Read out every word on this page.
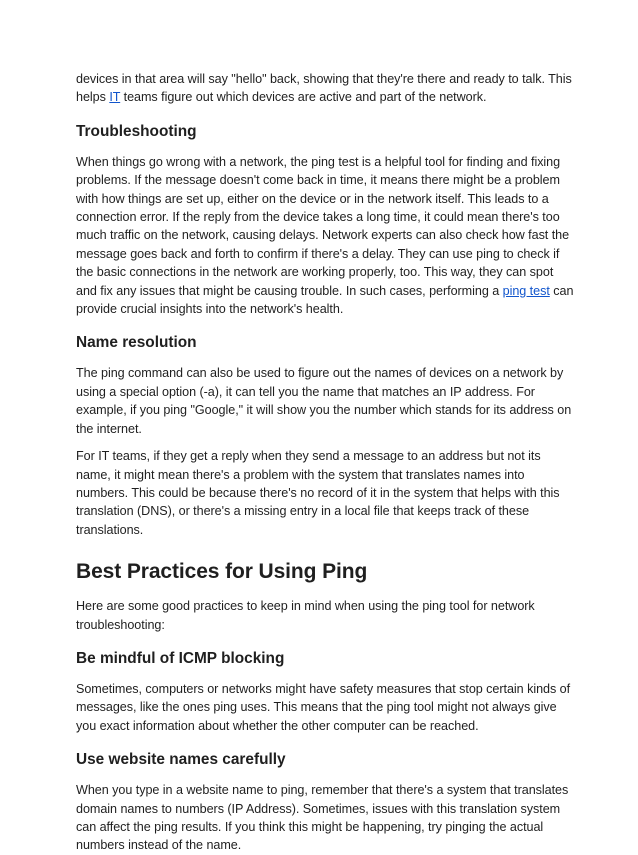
devices in that area will say "hello" back, showing that they're there and ready to talk. This helps IT teams figure out which devices are active and part of the network.

Troubleshooting

When things go wrong with a network, the ping test is a helpful tool for finding and fixing problems. If the message doesn't come back in time, it means there might be a problem with how things are set up, either on the device or in the network itself. This leads to a connection error. If the reply from the device takes a long time, it could mean there's too much traffic on the network, causing delays. Network experts can also check how fast the message goes back and forth to confirm if there's a delay. They can use ping to check if the basic connections in the network are working properly, too. This way, they can spot and fix any issues that might be causing trouble. In such cases, performing a ping test can provide crucial insights into the network's health.

Name resolution

The ping command can also be used to figure out the names of devices on a network by using a special option (-a), it can tell you the name that matches an IP address. For example, if you ping "Google," it will show you the number which stands for its address on the internet.

For IT teams, if they get a reply when they send a message to an address but not its name, it might mean there's a problem with the system that translates names into numbers. This could be because there's no record of it in the system that helps with this translation (DNS), or there's a missing entry in a local file that keeps track of these translations.

Best Practices for Using Ping

Here are some good practices to keep in mind when using the ping tool for network troubleshooting:

Be mindful of ICMP blocking

Sometimes, computers or networks might have safety measures that stop certain kinds of messages, like the ones ping uses. This means that the ping tool might not always give you exact information about whether the other computer can be reached.

Use website names carefully

When you type in a website name to ping, remember that there's a system that translates domain names to numbers (IP Address). Sometimes, issues with this translation system can affect the ping results. If you think this might be happening, try pinging the actual numbers instead of the name.
